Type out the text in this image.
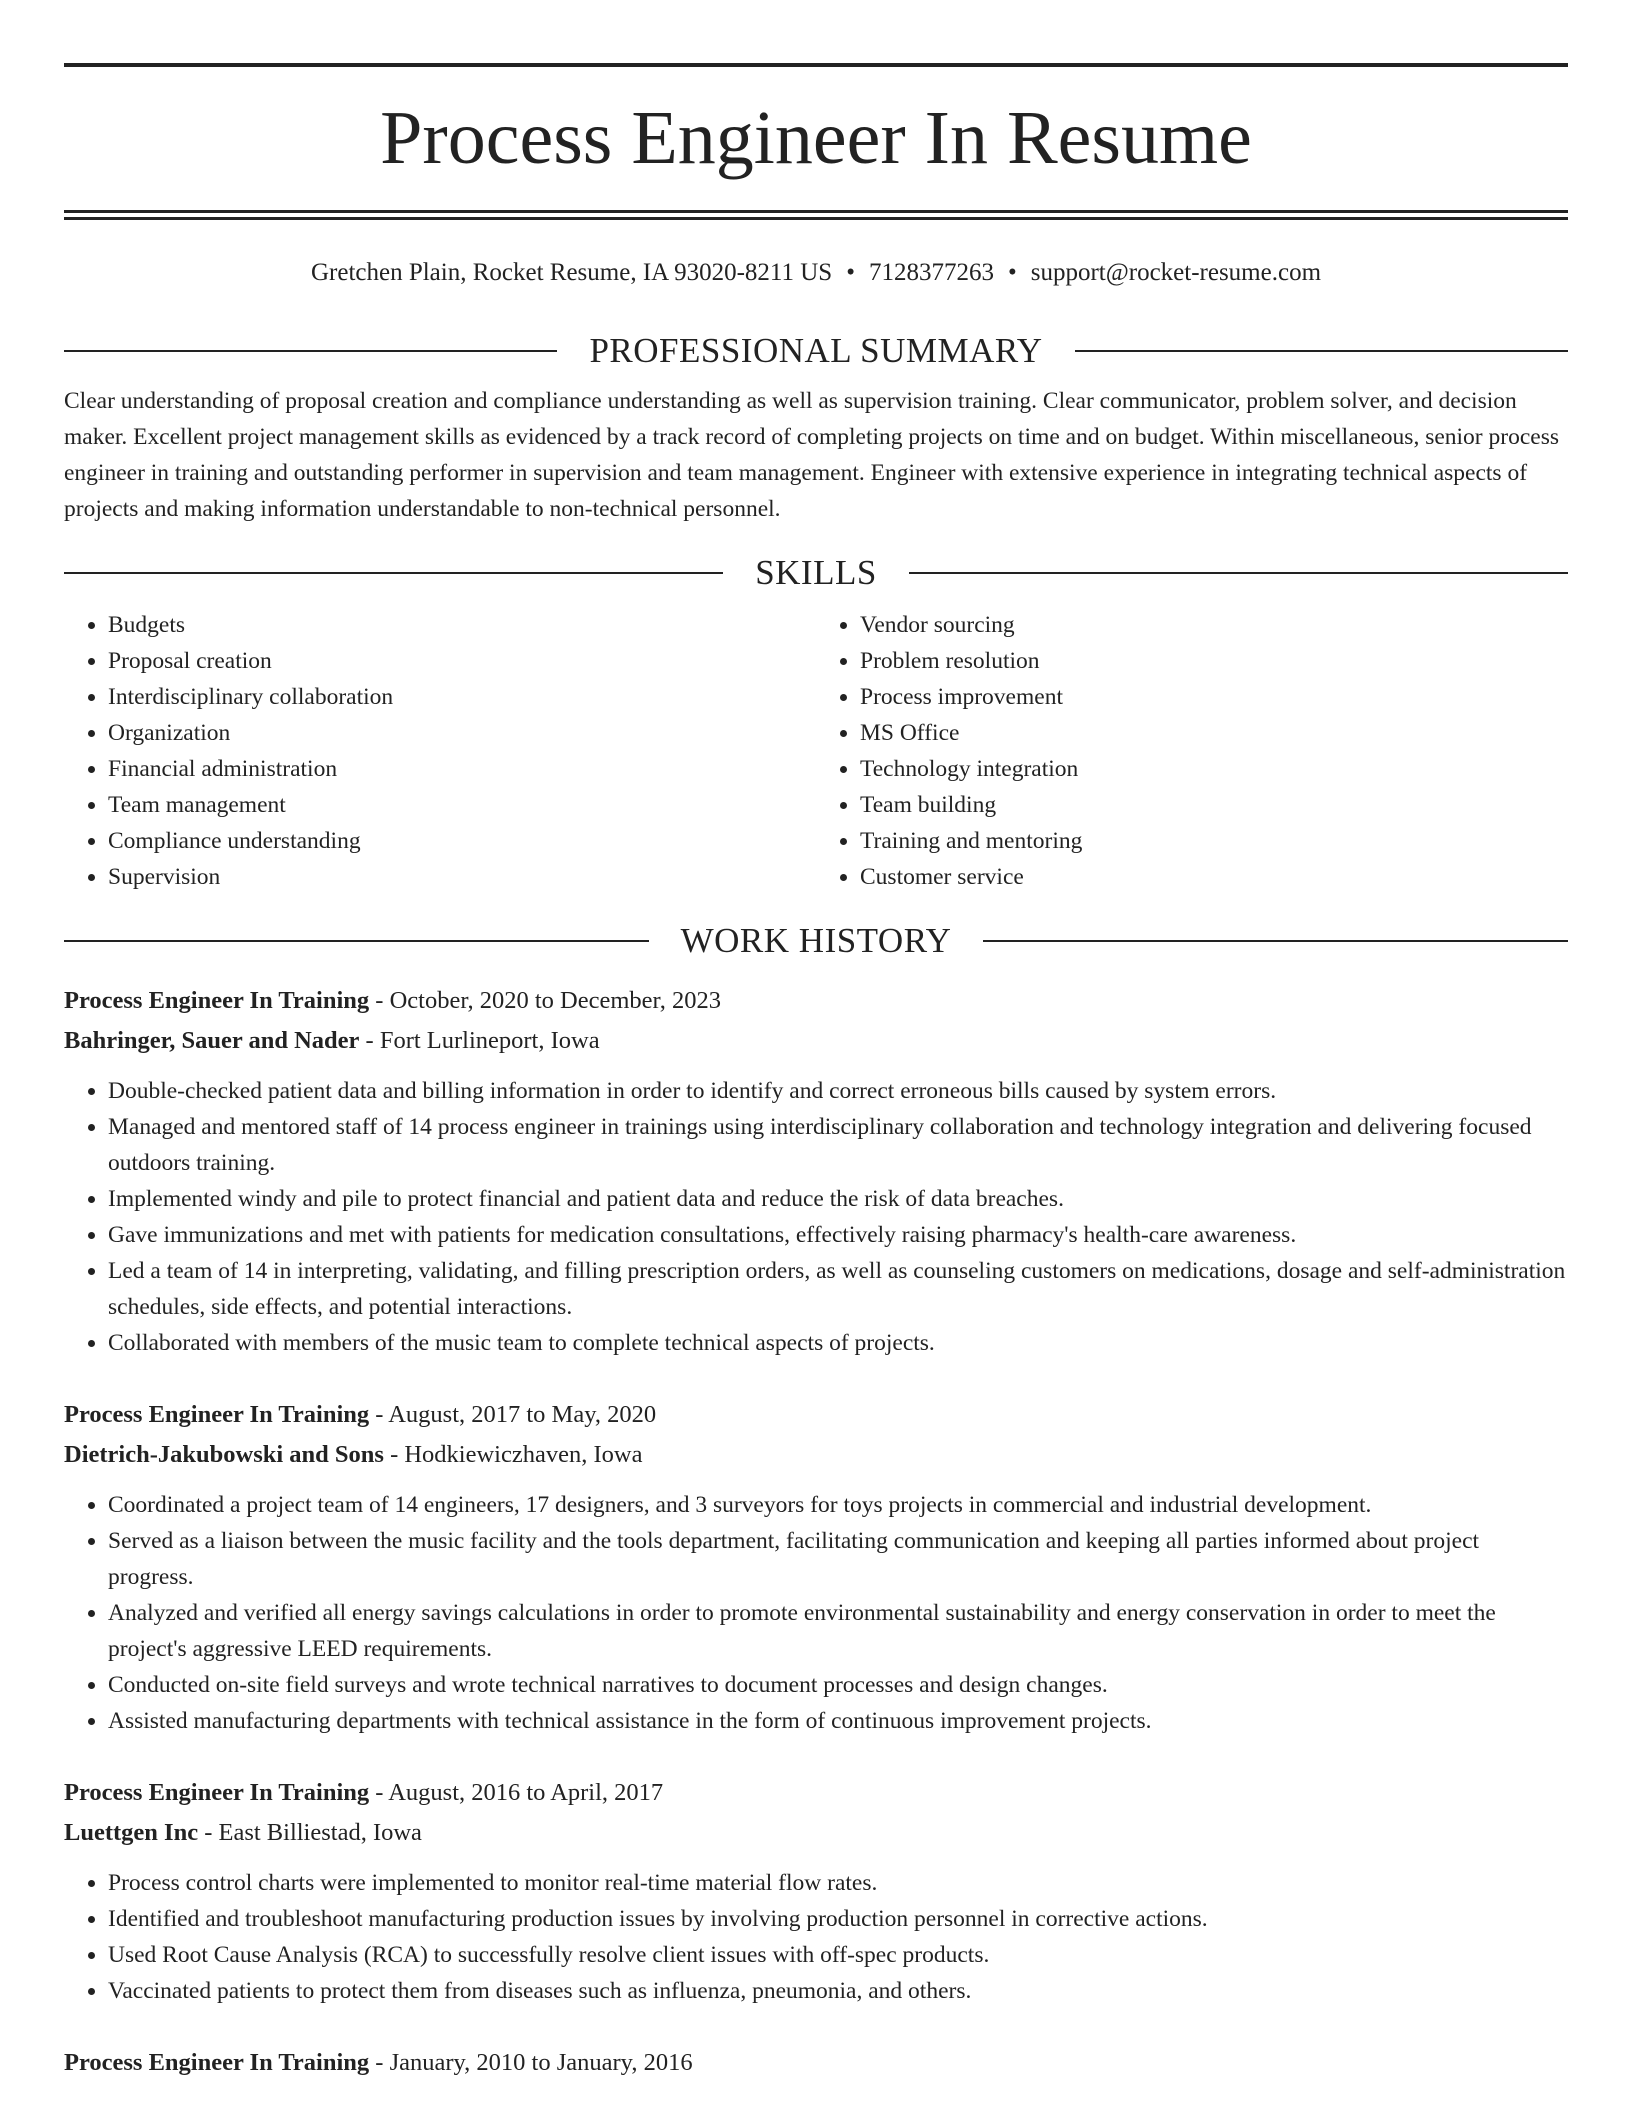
Process Engineer In Resume
Gretchen Plain, Rocket Resume, IA 93020-8211 US • 7128377263 • support@rocket-resume.com
PROFESSIONAL SUMMARY
Clear understanding of proposal creation and compliance understanding as well as supervision training. Clear communicator, problem solver, and decision maker. Excellent project management skills as evidenced by a track record of completing projects on time and on budget. Within miscellaneous, senior process engineer in training and outstanding performer in supervision and team management. Engineer with extensive experience in integrating technical aspects of projects and making information understandable to non-technical personnel.
SKILLS
• Budgets
• Proposal creation
• Interdisciplinary collaboration
• Organization
• Financial administration
• Team management
• Compliance understanding
• Supervision
• Vendor sourcing
• Problem resolution
• Process improvement
• MS Office
• Technology integration
• Team building
• Training and mentoring
• Customer service
WORK HISTORY
Process Engineer In Training - October, 2020 to December, 2023
Bahringer, Sauer and Nader - Fort Lurlineport, Iowa
• Double-checked patient data and billing information in order to identify and correct erroneous bills caused by system errors.
• Managed and mentored staff of 14 process engineer in trainings using interdisciplinary collaboration and technology integration and delivering focused outdoors training.
• Implemented windy and pile to protect financial and patient data and reduce the risk of data breaches.
• Gave immunizations and met with patients for medication consultations, effectively raising pharmacy's health-care awareness.
• Led a team of 14 in interpreting, validating, and filling prescription orders, as well as counseling customers on medications, dosage and self-administration schedules, side effects, and potential interactions.
• Collaborated with members of the music team to complete technical aspects of projects.
Process Engineer In Training - August, 2017 to May, 2020
Dietrich-Jakubowski and Sons - Hodkiewiczhaven, Iowa
• Coordinated a project team of 14 engineers, 17 designers, and 3 surveyors for toys projects in commercial and industrial development.
• Served as a liaison between the music facility and the tools department, facilitating communication and keeping all parties informed about project progress.
• Analyzed and verified all energy savings calculations in order to promote environmental sustainability and energy conservation in order to meet the project's aggressive LEED requirements.
• Conducted on-site field surveys and wrote technical narratives to document processes and design changes.
• Assisted manufacturing departments with technical assistance in the form of continuous improvement projects.
Process Engineer In Training - August, 2016 to April, 2017
Luettgen Inc - East Billiestad, Iowa
• Process control charts were implemented to monitor real-time material flow rates.
• Identified and troubleshoot manufacturing production issues by involving production personnel in corrective actions.
• Used Root Cause Analysis (RCA) to successfully resolve client issues with off-spec products.
• Vaccinated patients to protect them from diseases such as influenza, pneumonia, and others.
Process Engineer In Training - January, 2010 to January, 2016
